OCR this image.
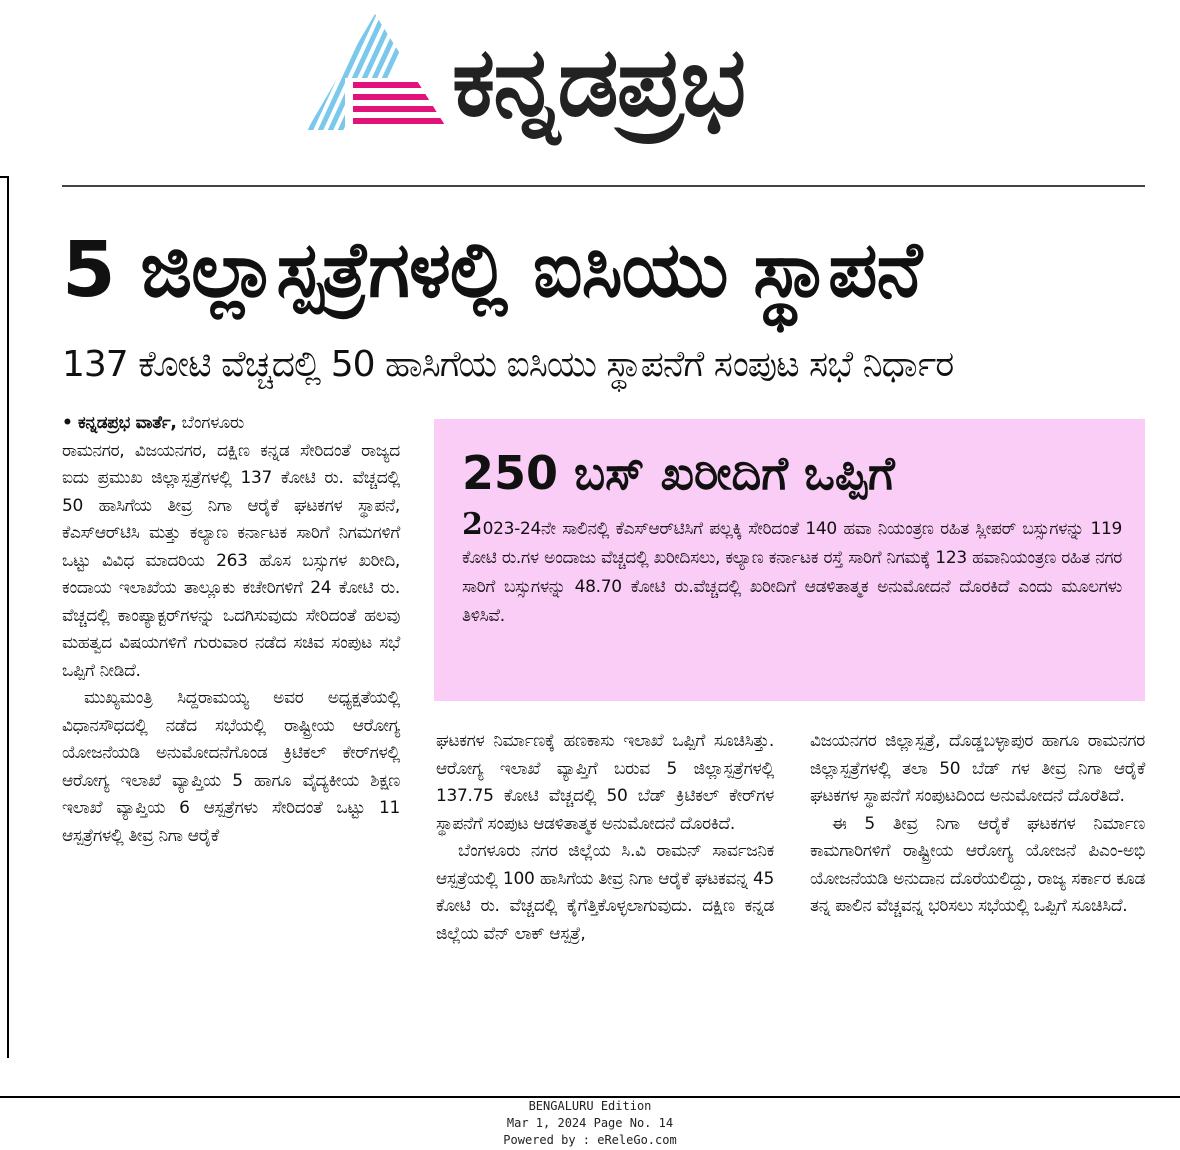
ಕನ್ನಡಪ್ರಭ
5 ಜಿಲ್ಲಾಸ್ಪತ್ರೆಗಳಲ್ಲಿ ಐಸಿಯು ಸ್ಥಾಪನೆ
137 ಕೋಟಿ ವೆಚ್ಚದಲ್ಲಿ 50 ಹಾಸಿಗೆಯ ಐಸಿಯು ಸ್ಥಾಪನೆಗೆ ಸಂಪುಟ ಸಭೆ ನಿರ್ಧಾರ

• ಕನ್ನಡಪ್ರಭ ವಾರ್ತೆ, ಬೆಂಗಳೂರು

ರಾಮನಗರ, ವಿಜಯನಗರ, ದಕ್ಷಿಣ ಕನ್ನಡ ಸೇರಿದಂತೆ ರಾಜ್ಯದ ಐದು ಪ್ರಮುಖ ಜಿಲ್ಲಾಸ್ಪತ್ರೆಗಳಲ್ಲಿ 137 ಕೋಟಿ ರು. ವೆಚ್ಚದಲ್ಲಿ 50 ಹಾಸಿಗೆಯ ತೀವ್ರ ನಿಗಾ ಆರೈಕೆ ಘಟಕಗಳ ಸ್ಥಾಪನೆ, ಕೆಎಸ್‌ಆರ್‌ಟಿಸಿ ಮತ್ತು ಕಲ್ಯಾಣ ಕರ್ನಾಟಕ ಸಾರಿಗೆ ನಿಗಮಗಳಿಗೆ ಒಟ್ಟು ವಿವಿಧ ಮಾದರಿಯ 263 ಹೊಸ ಬಸ್ಸುಗಳ ಖರೀದಿ, ಕಂದಾಯ ಇಲಾಖೆಯ ತಾಲ್ಲೂಕು ಕಚೇರಿಗಳಿಗೆ 24 ಕೋಟಿ ರು. ವೆಚ್ಚದಲ್ಲಿ ಕಾಂಪ್ಯಾಕ್ಟರ್‌ಗಳನ್ನು ಒದಗಿಸುವುದು ಸೇರಿದಂತೆ ಹಲವು ಮಹತ್ವದ ವಿಷಯಗಳಿಗೆ ಗುರುವಾರ ನಡೆದ ಸಚಿವ ಸಂಪುಟ ಸಭೆ ಒಪ್ಪಿಗೆ ನೀಡಿದೆ.

ಮುಖ್ಯಮಂತ್ರಿ ಸಿದ್ದರಾಮಯ್ಯ ಅವರ ಅಧ್ಯಕ್ಷತೆಯಲ್ಲಿ ವಿಧಾನಸೌಧದಲ್ಲಿ ನಡೆದ ಸಭೆಯಲ್ಲಿ ರಾಷ್ಟ್ರೀಯ ಆರೋಗ್ಯ ಯೋಜನೆಯಡಿ ಅನುಮೋದನೆಗೊಂಡ ಕ್ರಿಟಿಕಲ್ ಕೇರ್‌ಗಳಲ್ಲಿ ಆರೋಗ್ಯ ಇಲಾಖೆ ವ್ಯಾಪ್ತಿಯ 5 ಹಾಗೂ ವೈದ್ಯಕೀಯ ಶಿಕ್ಷಣ ಇಲಾಖೆ ವ್ಯಾಪ್ತಿಯ 6 ಆಸ್ಪತ್ರೆಗಳು ಸೇರಿದಂತೆ ಒಟ್ಟು 11 ಆಸ್ಪತ್ರೆಗಳಲ್ಲಿ ತೀವ್ರ ನಿಗಾ ಆರೈಕೆ

250 ಬಸ್ ಖರೀದಿಗೆ ಒಪ್ಪಿಗೆ
2023-24ನೇ ಸಾಲಿನಲ್ಲಿ ಕೆಎಸ್‌ಆರ್‌ಟಿಸಿಗೆ ಪಲ್ಲಕ್ಕಿ ಸೇರಿದಂತೆ 140 ಹವಾ ನಿಯಂತ್ರಣ ರಹಿತ ಸ್ಲೀಪರ್ ಬಸ್ಸುಗಳನ್ನು 119 ಕೋಟಿ ರು.ಗಳ ಅಂದಾಜು ವೆಚ್ಚದಲ್ಲಿ ಖರೀದಿಸಲು, ಕಲ್ಯಾಣ ಕರ್ನಾಟಕ ರಸ್ತೆ ಸಾರಿಗೆ ನಿಗಮಕ್ಕೆ 123 ಹವಾನಿಯಂತ್ರಣ ರಹಿತ ನಗರ ಸಾರಿಗೆ ಬಸ್ಸುಗಳನ್ನು 48.70 ಕೋಟಿ ರು.ವೆಚ್ಚದಲ್ಲಿ ಖರೀದಿಗೆ ಆಡಳಿತಾತ್ಮಕ ಅನುಮೋದನೆ ದೊರಕಿದೆ ಎಂದು ಮೂಲಗಳು ತಿಳಿಸಿವೆ.

ಘಟಕಗಳ ನಿರ್ಮಾಣಕ್ಕೆ ಹಣಕಾಸು ಇಲಾಖೆ ಒಪ್ಪಿಗೆ ಸೂಚಿಸಿತ್ತು. ಆರೋಗ್ಯ ಇಲಾಖೆ ವ್ಯಾಪ್ತಿಗೆ ಬರುವ 5 ಜಿಲ್ಲಾಸ್ಪತ್ರೆಗಳಲ್ಲಿ 137.75 ಕೋಟಿ ವೆಚ್ಚದಲ್ಲಿ 50 ಬೆಡ್ ಕ್ರಿಟಿಕಲ್ ಕೇರ್‌ಗಳ ಸ್ಥಾಪನೆಗೆ ಸಂಪುಟ ಆಡಳಿತಾತ್ಮಕ ಅನುಮೋದನೆ ದೊರಕಿದೆ.

ಬೆಂಗಳೂರು ನಗರ ಜಿಲ್ಲೆಯ ಸಿ.ವಿ ರಾಮನ್ ಸಾರ್ವಜನಿಕ ಆಸ್ಪತ್ರೆಯಲ್ಲಿ 100 ಹಾಸಿಗೆಯ ತೀವ್ರ ನಿಗಾ ಆರೈಕೆ ಘಟಕವನ್ನ 45 ಕೋಟಿ ರು. ವೆಚ್ಚದಲ್ಲಿ ಕೈಗೆತ್ತಿಕೊಳ್ಳಲಾಗುವುದು. ದಕ್ಷಿಣ ಕನ್ನಡ ಜಿಲ್ಲೆಯ ವೆನ್ ಲಾಕ್ ಆಸ್ಪತ್ರೆ,

ವಿಜಯನಗರ ಜಿಲ್ಲಾಸ್ಪತ್ರೆ, ದೊಡ್ಡಬಳ್ಳಾಪುರ ಹಾಗೂ ರಾಮನಗರ ಜಿಲ್ಲಾಸ್ಪತ್ರೆಗಳಲ್ಲಿ ತಲಾ 50 ಬೆಡ್ ಗಳ ತೀವ್ರ ನಿಗಾ ಆರೈಕೆ ಘಟಕಗಳ ಸ್ಥಾಪನೆಗೆ ಸಂಪುಟದಿಂದ ಅನುಮೋದನೆ ದೊರೆತಿದೆ.

ಈ 5 ತೀವ್ರ ನಿಗಾ ಆರೈಕೆ ಘಟಕಗಳ ನಿರ್ಮಾಣ ಕಾಮಗಾರಿಗಳಿಗೆ ರಾಷ್ಟ್ರೀಯ ಆರೋಗ್ಯ ಯೋಜನೆ ಪಿಎಂ-ಅಭಿ ಯೋಜನೆಯಡಿ ಅನುದಾನ ದೊರೆಯಲಿದ್ದು, ರಾಜ್ಯ ಸರ್ಕಾರ ಕೂಡ ತನ್ನ ಪಾಲಿನ ವೆಚ್ಚವನ್ನ ಭರಿಸಲು ಸಭೆಯಲ್ಲಿ ಒಪ್ಪಿಗೆ ಸೂಚಿಸಿದೆ.

BENGALURU Edition
Mar 1, 2024 Page No. 14
Powered by : eReleGo.com
